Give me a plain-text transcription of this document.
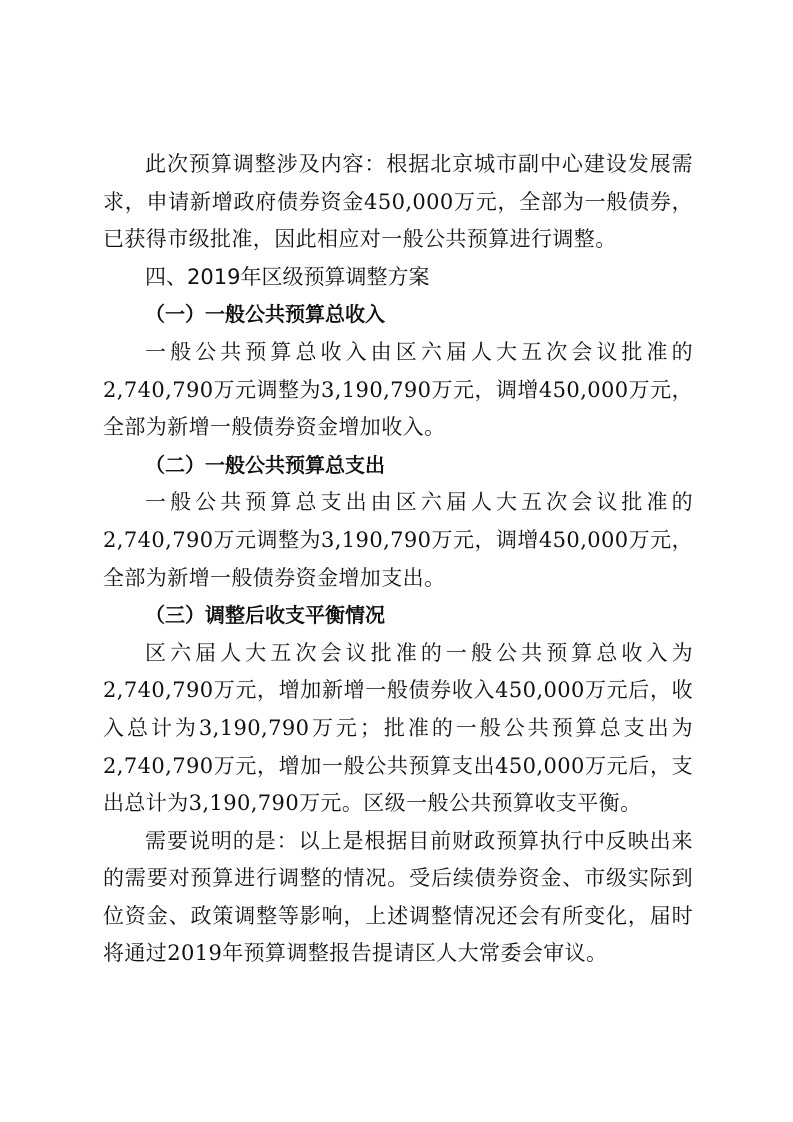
此次预算调整涉及内容：根据北京城市副中心建设发展需求，申请新增政府债券资金450,000万元，全部为一般债券，已获得市级批准，因此相应对一般公共预算进行调整。

四、2019年区级预算调整方案
（一）一般公共预算总收入

一般公共预算总收入由区六届人大五次会议批准的2,740,790万元调整为3,190,790万元，调增450,000万元，全部为新增一般债券资金增加收入。

（二）一般公共预算总支出

一般公共预算总支出由区六届人大五次会议批准的2,740,790万元调整为3,190,790万元，调增450,000万元，全部为新增一般债券资金增加支出。

（三）调整后收支平衡情况

区六届人大五次会议批准的一般公共预算总收入为2,740,790万元，增加新增一般债券收入450,000万元后，收入总计为3,190,790万元；批准的一般公共预算总支出为2,740,790万元，增加一般公共预算支出450,000万元后，支出总计为3,190,790万元。区级一般公共预算收支平衡。

需要说明的是：以上是根据目前财政预算执行中反映出来的需要对预算进行调整的情况。受后续债券资金、市级实际到位资金、政策调整等影响，上述调整情况还会有所变化，届时将通过2019年预算调整报告提请区人大常委会审议。
